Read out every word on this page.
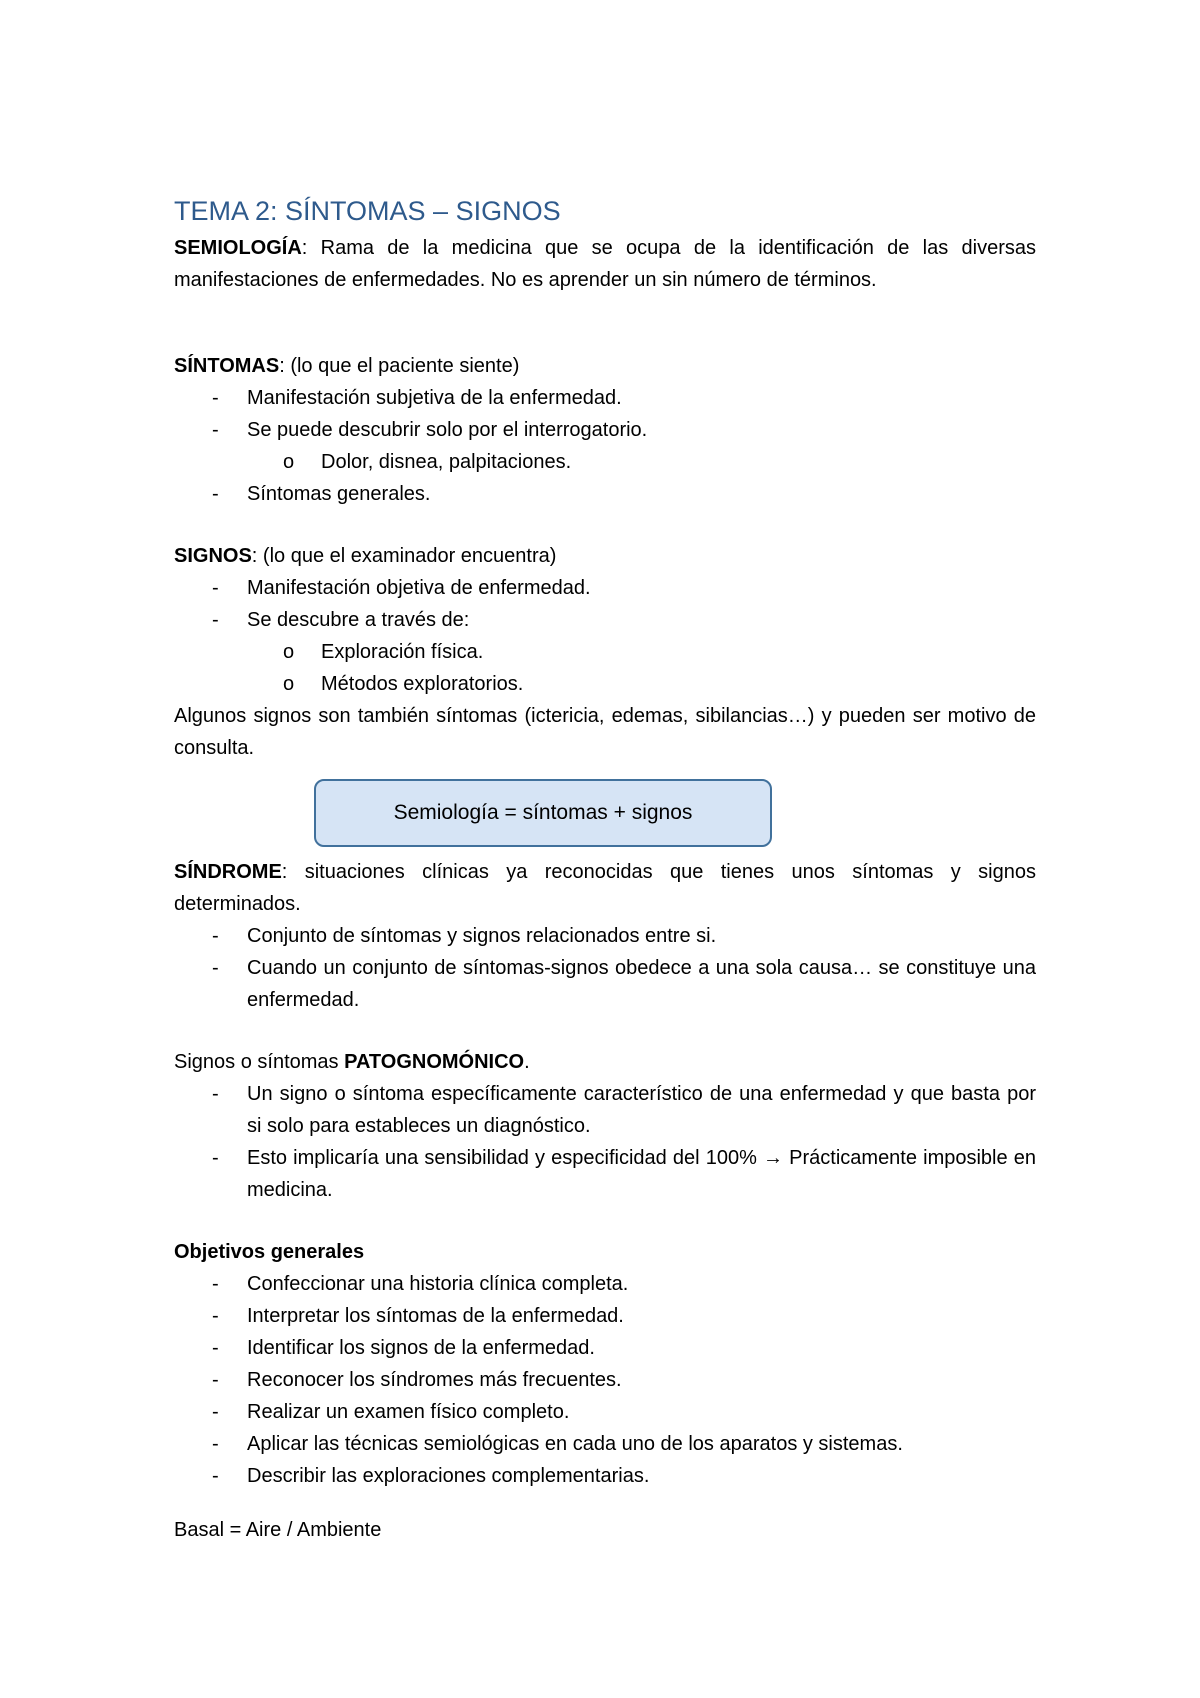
TEMA 2: SÍNTOMAS – SIGNOS
SEMIOLOGÍA: Rama de la medicina que se ocupa de la identificación de las diversas manifestaciones de enfermedades. No es aprender un sin número de términos.
SÍNTOMAS: (lo que el paciente siente)
-	Manifestación subjetiva de la enfermedad.
-	Se puede descubrir solo por el interrogatorio.
o	Dolor, disnea, palpitaciones.
-	Síntomas generales.
SIGNOS: (lo que el examinador encuentra)
-	Manifestación objetiva de enfermedad.
-	Se descubre a través de:
o	Exploración física.
o	Métodos exploratorios.
Algunos signos son también síntomas (ictericia, edemas, sibilancias…) y pueden ser motivo de consulta.
Semiología = síntomas + signos
SÍNDROME: situaciones clínicas ya reconocidas que tienes unos síntomas y signos determinados.
-	Conjunto de síntomas y signos relacionados entre si.
-	Cuando un conjunto de síntomas-signos obedece a una sola causa… se constituye una enfermedad.
Signos o síntomas PATOGNOMÓNICO.
-	Un signo o síntoma específicamente característico de una enfermedad y que basta por si solo para estableces un diagnóstico.
-	Esto implicaría una sensibilidad y especificidad del 100% → Prácticamente imposible en medicina.
Objetivos generales
-	Confeccionar una historia clínica completa.
-	Interpretar los síntomas de la enfermedad.
-	Identificar los signos de la enfermedad.
-	Reconocer los síndromes más frecuentes.
-	Realizar un examen físico completo.
-	Aplicar las técnicas semiológicas en cada uno de los aparatos y sistemas.
-	Describir las exploraciones complementarias.
Basal = Aire / Ambiente
